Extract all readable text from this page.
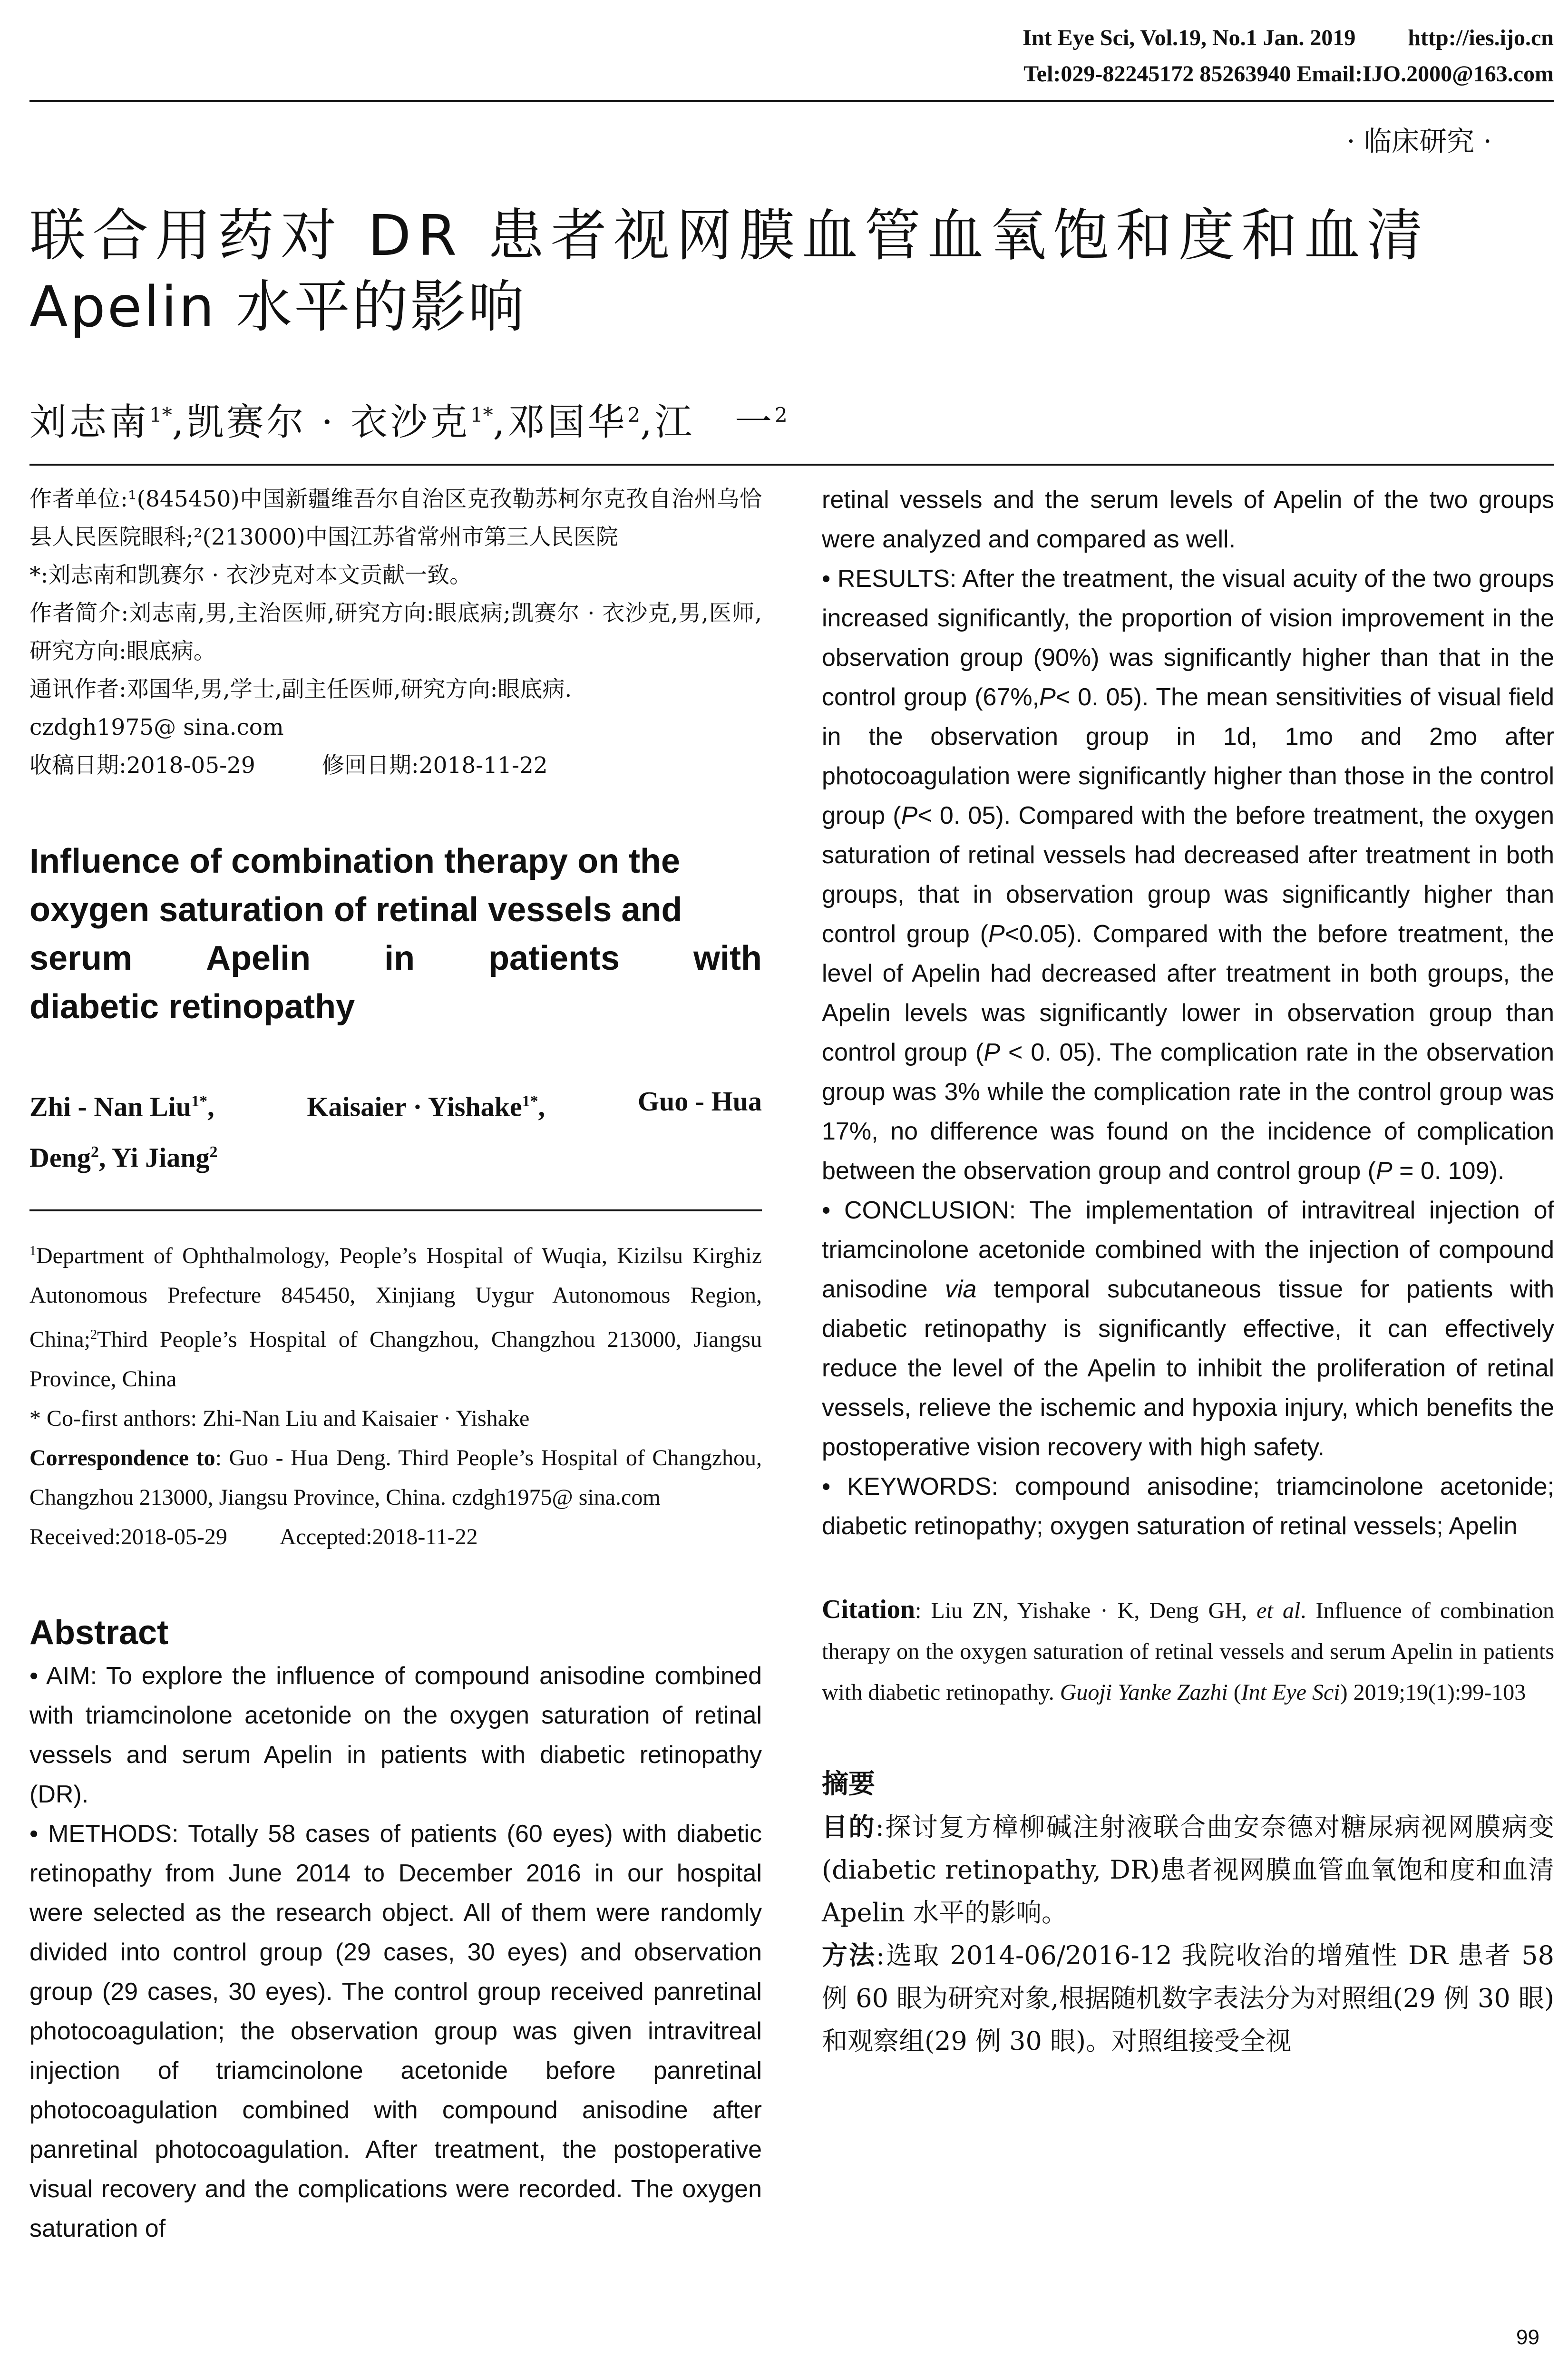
Int Eye Sci, Vol.19, No.1 Jan. 2019 http://ies.ijo.cn
Tel:029-82245172 85263940 Email:IJO.2000@163.com
· 临床研究 ·
联合用药对 DR 患者视网膜血管血氧饱和度和血清
Apelin 水平的影响
刘志南$^{1*}$,凯赛尔 · 衣沙克$^{1*}$,邓国华$^2$,江　一$^2$
作者单位:¹(845450)中国新疆维吾尔自治区克孜勒苏柯尔克孜自治州乌恰县人民医院眼科;²(213000)中国江苏省常州市第三人民医院
*:刘志南和凯赛尔 · 衣沙克对本文贡献一致。
作者简介:刘志南,男,主治医师,研究方向:眼底病;凯赛尔 · 衣沙克,男,医师,研究方向:眼底病。
通讯作者:邓国华,男,学士,副主任医师,研究方向:眼底病.
czdgh1975@ sina.com
收稿日期:2018-05-29	修回日期:2018-11-22
Influence of combination therapy on the
oxygen saturation of retinal vessels and
serum Apelin in patients with
diabetic retinopathy
Zhi - Nan Liu$^{1*}$,	Kaisaier · Yishake$^{1*}$,	Guo - Hua
Deng$^2$, Yi Jiang$^2$
$^1$Department of Ophthalmology, People’s Hospital of Wuqia, Kizilsu Kirghiz Autonomous Prefecture 845450, Xinjiang Uygur Autonomous Region, China;$^2$Third People’s Hospital of Changzhou, Changzhou 213000, Jiangsu Province, China
* Co-first anthors: Zhi-Nan Liu and Kaisaier · Yishake
Correspondence to: Guo - Hua Deng. Third People’s Hospital of Changzhou, Changzhou 213000, Jiangsu Province, China. czdgh1975@ sina.com
Received:2018-05-29 Accepted:2018-11-22
Abstract
• AIM: To explore the influence of compound anisodine combined with triamcinolone acetonide on the oxygen saturation of retinal vessels and serum Apelin in patients with diabetic retinopathy (DR).
• METHODS: Totally 58 cases of patients (60 eyes) with diabetic retinopathy from June 2014 to December 2016 in our hospital were selected as the research object. All of them were randomly divided into control group (29 cases, 30 eyes) and observation group (29 cases, 30 eyes). The control group received panretinal photocoagulation; the observation group was given intravitreal injection of triamcinolone acetonide before panretinal photocoagulation combined with compound anisodine after panretinal photocoagulation. After treatment, the postoperative visual recovery and the complications were recorded. The oxygen saturation of
retinal vessels and the serum levels of Apelin of the two groups were analyzed and compared as well.
• RESULTS: After the treatment, the visual acuity of the two groups increased significantly, the proportion of vision improvement in the observation group (90%) was significantly higher than that in the control group (67%,P< 0. 05). The mean sensitivities of visual field in the observation group in 1d, 1mo and 2mo after photocoagulation were significantly higher than those in the control group (P< 0. 05). Compared with the before treatment, the oxygen saturation of retinal vessels had decreased after treatment in both groups, that in observation group was significantly higher than control group (P<0.05). Compared with the before treatment, the level of Apelin had decreased after treatment in both groups, the Apelin levels was significantly lower in observation group than control group (P < 0. 05). The complication rate in the observation group was 3% while the complication rate in the control group was 17%, no difference was found on the incidence of complication between the observation group and control group (P = 0. 109).
• CONCLUSION: The implementation of intravitreal injection of triamcinolone acetonide combined with the injection of compound anisodine via temporal subcutaneous tissue for patients with diabetic retinopathy is significantly effective, it can effectively reduce the level of the Apelin to inhibit the proliferation of retinal vessels, relieve the ischemic and hypoxia injury, which benefits the postoperative vision recovery with high safety.
• KEYWORDS: compound anisodine; triamcinolone acetonide; diabetic retinopathy; oxygen saturation of retinal vessels; Apelin
Citation: Liu ZN, Yishake · K, Deng GH, et al. Influence of combination therapy on the oxygen saturation of retinal vessels and serum Apelin in patients with diabetic retinopathy. Guoji Yanke Zazhi (Int Eye Sci) 2019;19(1):99-103
摘要
目的:探讨复方樟柳碱注射液联合曲安奈德对糖尿病视网膜病变(diabetic retinopathy, DR)患者视网膜血管血氧饱和度和血清 Apelin 水平的影响。
方法:选取 2014-06/2016-12 我院收治的增殖性 DR 患者 58 例 60 眼为研究对象,根据随机数字表法分为对照组(29 例 30 眼)和观察组(29 例 30 眼)。对照组接受全视
99
